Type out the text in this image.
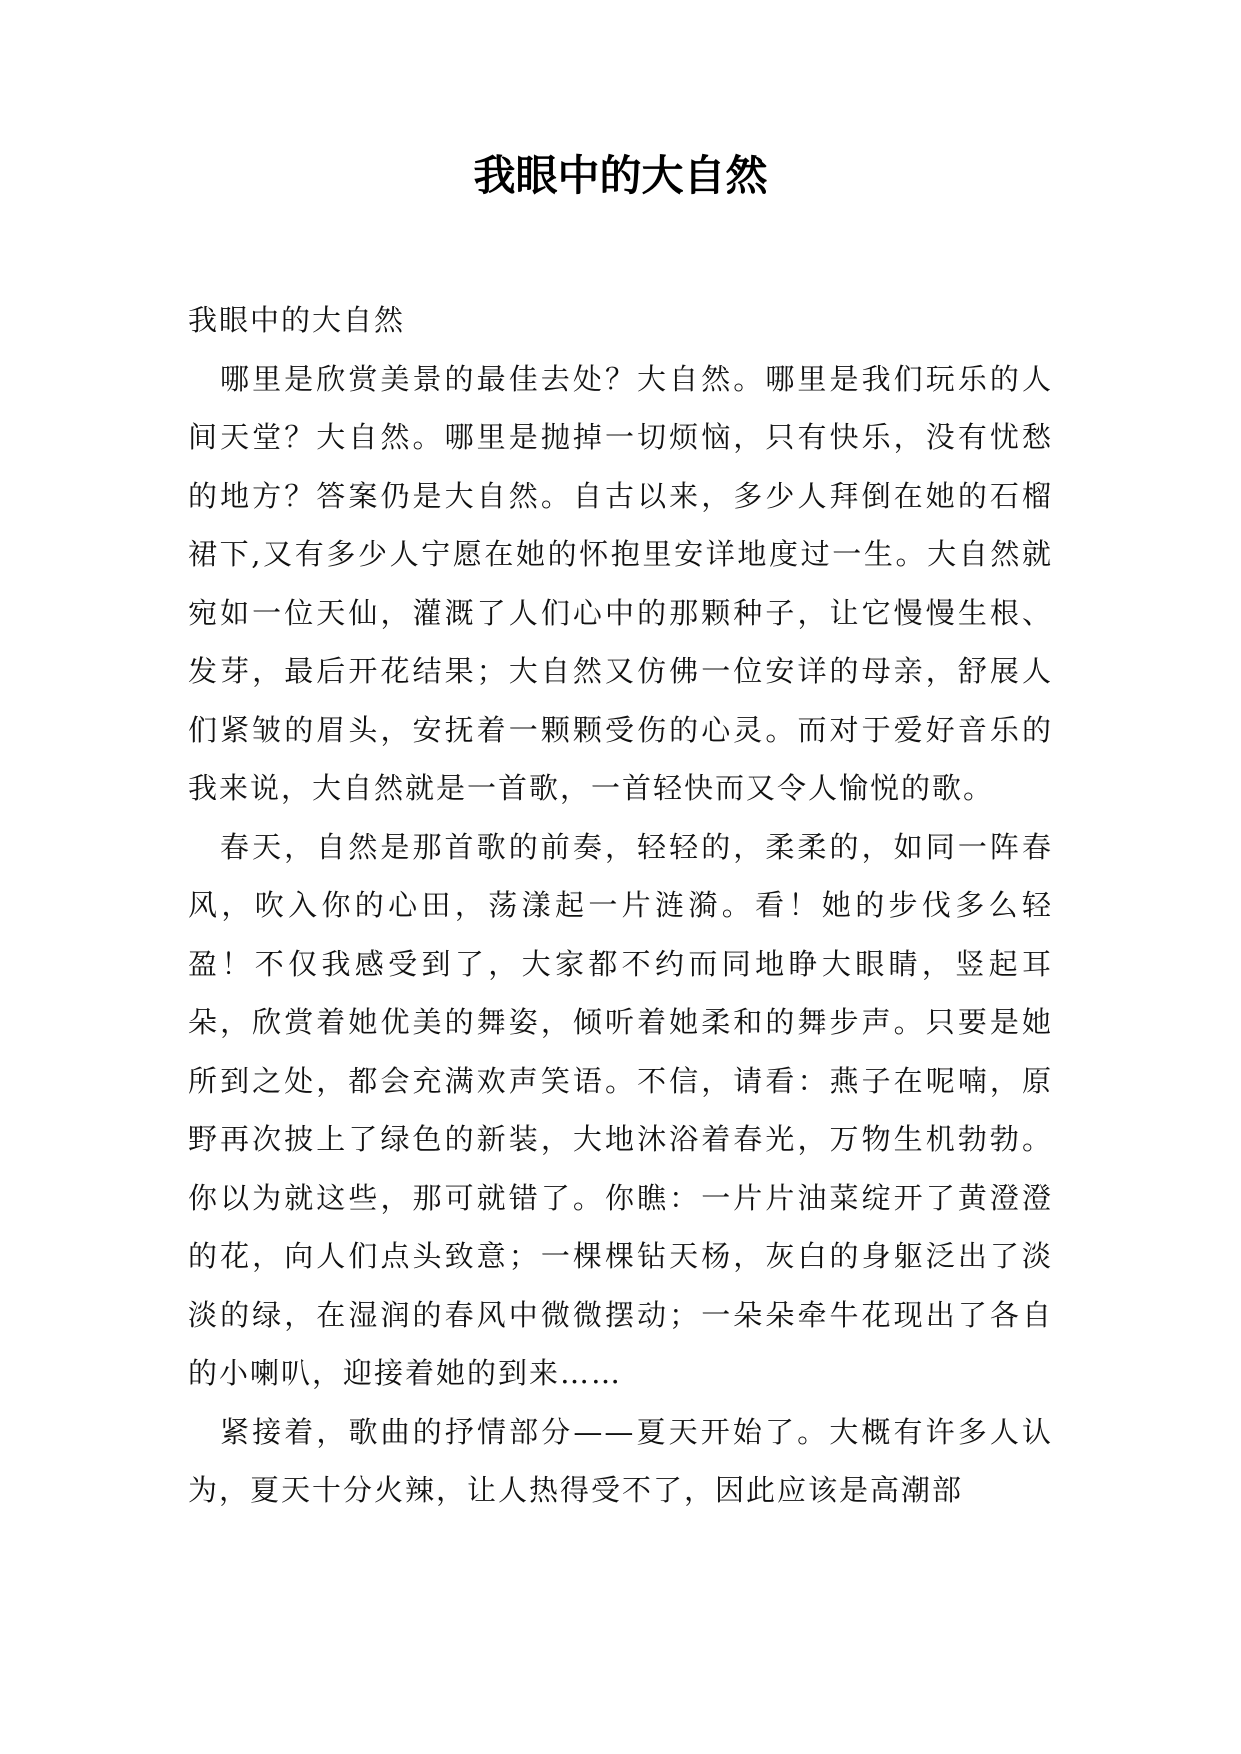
我眼中的大自然

我眼中的大自然

哪里是欣赏美景的最佳去处？大自然。哪里是我们玩乐的人间天堂？大自然。哪里是抛掉一切烦恼，只有快乐，没有忧愁的地方？答案仍是大自然。自古以来，多少人拜倒在她的石榴裙下,又有多少人宁愿在她的怀抱里安详地度过一生。大自然就宛如一位天仙，灌溉了人们心中的那颗种子，让它慢慢生根、发芽，最后开花结果；大自然又仿佛一位安详的母亲，舒展人们紧皱的眉头，安抚着一颗颗受伤的心灵。而对于爱好音乐的我来说，大自然就是一首歌，一首轻快而又令人愉悦的歌。

春天，自然是那首歌的前奏，轻轻的，柔柔的，如同一阵春风，吹入你的心田，荡漾起一片涟漪。看！她的步伐多么轻盈！不仅我感受到了，大家都不约而同地睁大眼睛，竖起耳朵，欣赏着她优美的舞姿，倾听着她柔和的舞步声。只要是她所到之处，都会充满欢声笑语。不信，请看：燕子在呢喃，原野再次披上了绿色的新装，大地沐浴着春光，万物生机勃勃。你以为就这些，那可就错了。你瞧：一片片油菜绽开了黄澄澄的花，向人们点头致意；一棵棵钻天杨，灰白的身躯泛出了淡淡的绿，在湿润的春风中微微摆动；一朵朵牵牛花现出了各自的小喇叭，迎接着她的到来……

紧接着，歌曲的抒情部分——夏天开始了。大概有许多人认为，夏天十分火辣，让人热得受不了，因此应该是高潮部
